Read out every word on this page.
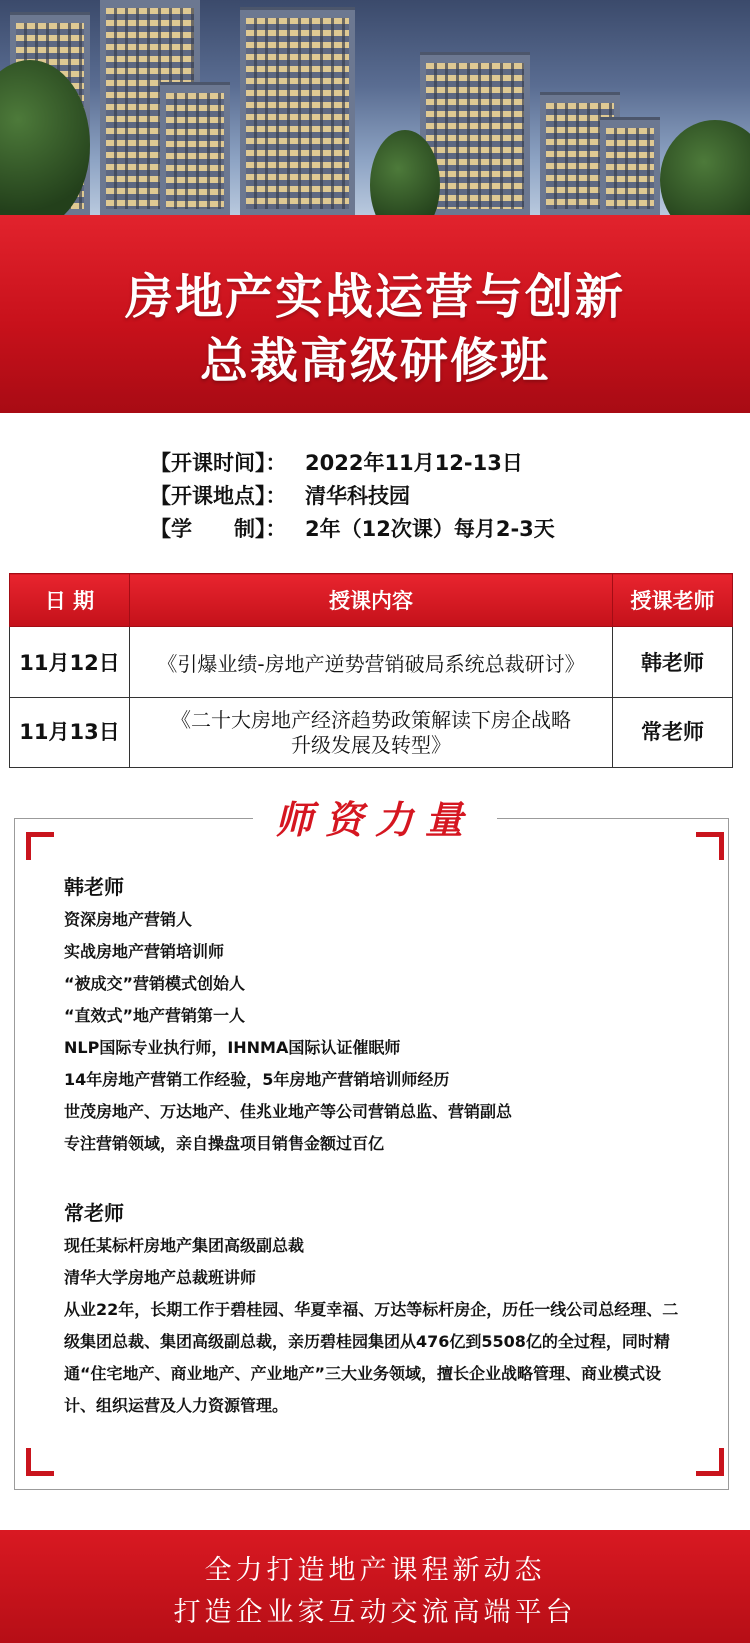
房地产实战运营与创新
总裁高级研修班
【开课时间】： 2022年11月12-13日
【开课地点】： 清华科技园
【学　　制】： 2年（12次课）每月2-3天
日 期	授课内容	授课老师
11月12日	《引爆业绩-房地产逆势营销破局系统总裁研讨》	韩老师
11月13日	《二十大房地产经济趋势政策解读下房企战略
升级发展及转型》	常老师
师资力量
韩老师
资深房地产营销人
实战房地产营销培训师
“被成交”营销模式创始人
“直效式”地产营销第一人
NLP国际专业执行师，IHNMA国际认证催眠师
14年房地产营销工作经验，5年房地产营销培训师经历
世茂房地产、万达地产、佳兆业地产等公司营销总监、营销副总
专注营销领域，亲自操盘项目销售金额过百亿
常老师
现任某标杆房地产集团高级副总裁
清华大学房地产总裁班讲师
从业22年，长期工作于碧桂园、华夏幸福、万达等标杆房企，历任一线公司总经理、二级集团总裁、集团高级副总裁，亲历碧桂园集团从476亿到5508亿的全过程，同时精通“住宅地产、商业地产、产业地产”三大业务领域，擅长企业战略管理、商业模式设计、组织运营及人力资源管理。
全力打造地产课程新动态
打造企业家互动交流高端平台
